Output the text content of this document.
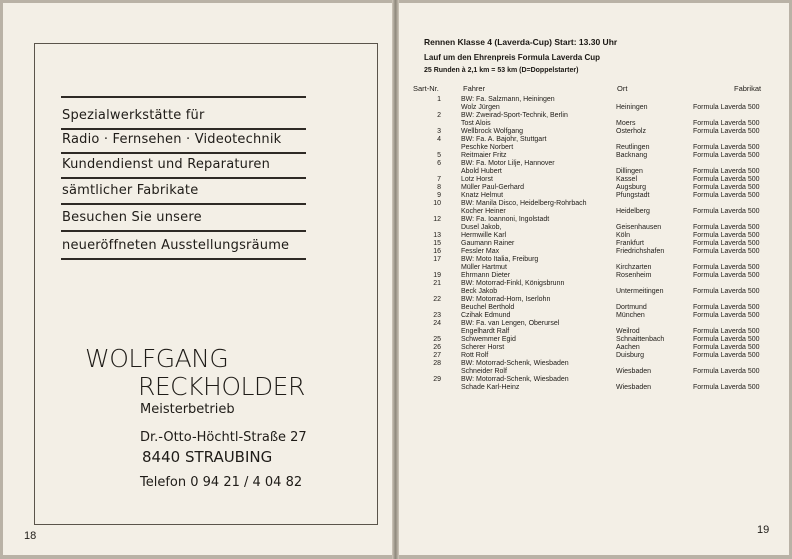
Spezialwerkstätte für
Radio · Fernsehen · Videotechnik
Kundendienst und Reparaturen
sämtlicher Fabrikate
Besuchen Sie unsere
neueröffneten Ausstellungsräume
WOLFGANG
RECKHOLDER
Meisterbetrieb
Dr.-Otto-Höchtl-Straße 27
8440 STRAUBING
Telefon 0 94 21 / 4 04 82
18
Rennen Klasse 4 (Laverda-Cup) Start: 13.30 Uhr
Lauf um den Ehrenpreis Formula Laverda Cup
25 Runden à 2,1 km = 53 km (D=Doppelstarter)
Sart-Nr.	Fahrer	Ort	Fabrikat
1	BW: Fa. Salzmann, Heiningen
Wolz Jürgen	Heiningen	Formula Laverda 500
2	BW: Zweirad-Sport-Technik, Berlin
Tost Alois	Moers	Formula Laverda 500
3	Wellbrock Wolfgang	Osterholz	Formula Laverda 500
4	BW: Fa. A. Bajohr, Stuttgart
Peschke Norbert	Reutlingen	Formula Laverda 500
5	Reitmaier Fritz	Backnang	Formula Laverda 500
6	BW: Fa. Motor Lilje, Hannover
Abold Hubert	Dillingen	Formula Laverda 500
7	Lotz Horst	Kassel	Formula Laverda 500
8	Müller Paul-Gerhard	Augsburg	Formula Laverda 500
9	Knatz Helmut	Pfungstadt	Formula Laverda 500
10	BW: Manila Disco, Heidelberg-Rohrbach
Kocher Heiner	Heidelberg	Formula Laverda 500
12	BW: Fa. Ioannoni, Ingolstadt
Dusel Jakob,	Geisenhausen	Formula Laverda 500
13	Hermwille Karl	Köln	Formula Laverda 500
15	Gaumann Rainer	Frankfurt	Formula Laverda 500
16	Fessler Max	Friedrichshafen	Formula Laverda 500
17	BW: Moto Italia, Freiburg
Müller Hartmut	Kirchzarten	Formula Laverda 500
19	Ehrmann Dieter	Rosenheim	Formula Laverda 500
21	BW: Motorrad-Finkl, Königsbrunn
Beck Jakob	Untermeitingen	Formula Laverda 500
22	BW: Motorrad-Horn, Iserlohn
Beuchel Berthold	Dortmund	Formula Laverda 500
23	Czihak Edmund	München	Formula Laverda 500
24	BW: Fa. van Lengen, Oberursel
Engelhardt Ralf	Weilrod	Formula Laverda 500
25	Schwemmer Egid	Schnaittenbach	Formula Laverda 500
26	Scherer Horst	Aachen	Formula Laverda 500
27	Rott Rolf	Duisburg	Formula Laverda 500
28	BW: Motorrad-Schenk, Wiesbaden
Schneider Rolf	Wiesbaden	Formula Laverda 500
29	BW: Motorrad-Schenk, Wiesbaden
Schade Karl-Heinz	Wiesbaden	Formula Laverda 500
19
